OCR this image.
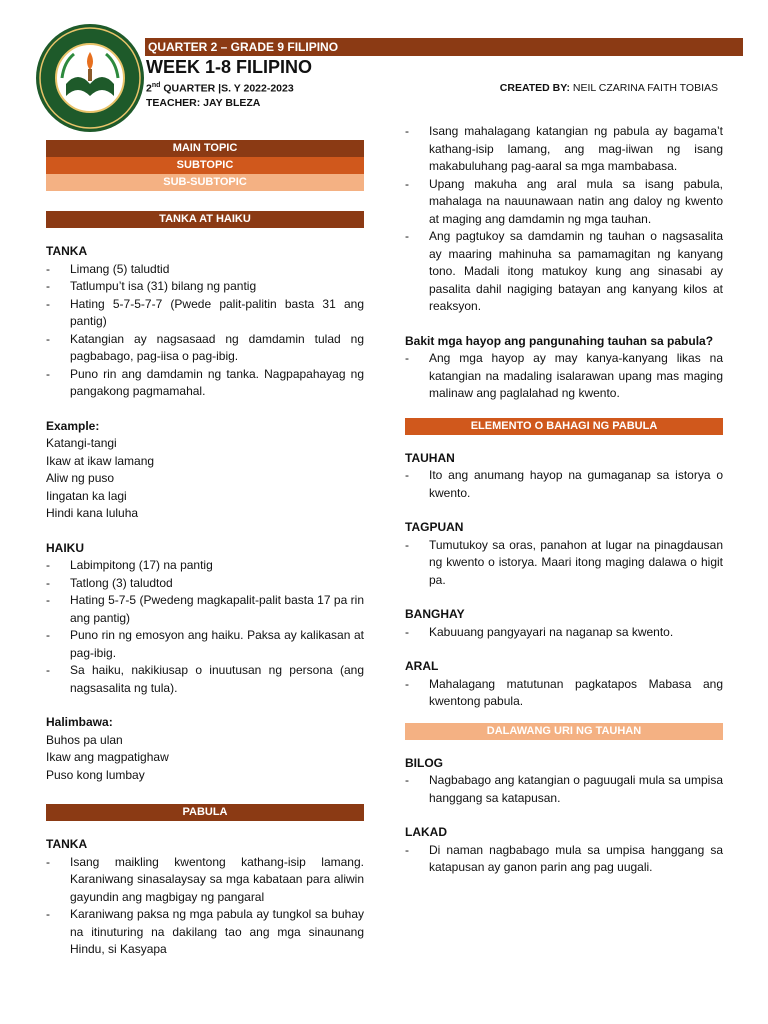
QUARTER 2 – GRADE 9 FILIPINO
WEEK 1-8 FILIPINO
2nd QUARTER |S. Y 2022-2023
TEACHER: JAY BLEZA
CREATED BY: NEIL CZARINA FAITH TOBIAS
MAIN TOPIC
SUBTOPIC
SUB-SUBTOPIC
TANKA AT HAIKU

TANKA

- Limang (5) taludtid
- Tatlumpu’t isa (31) bilang ng pantig
- Hating 5-7-5-7-7 (Pwede palit-palitin basta 31 ang pantig)
- Katangian ay nagsasaad ng damdamin tulad ng pagbabago, pag-iisa o pag-ibig.
- Puno rin ang damdamin ng tanka. Nagpapahayag ng pangakong pagmamahal.

Example:

Katangi-tangi

Ikaw at ikaw lamang

Aliw ng puso

Iingatan ka lagi

Hindi kana luluha

HAIKU

- Labimpitong (17) na pantig
- Tatlong (3) taludtod
- Hating 5-7-5 (Pwedeng magkapalit-palit basta 17 pa rin ang pantig)
- Puno rin ng emosyon ang haiku. Paksa ay kalikasan at pag-ibig.
- Sa haiku, nakikiusap o inuutusan ng persona (ang nagsasalita ng tula).

Halimbawa:

Buhos pa ulan

Ikaw ang magpatighaw

Puso kong lumbay

PABULA

TANKA

- Isang maikling kwentong kathang-isip lamang. Karaniwang sinasalaysay sa mga kabataan para aliwin gayundin ang magbigay ng pangaral
- Karaniwang paksa ng mga pabula ay tungkol sa buhay na itinuturing na dakilang tao ang mga sinaunang Hindu, si Kasyapa
- Isang mahalagang katangian ng pabula ay bagama’t kathang-isip lamang, ang mag-iiwan ng isang makabuluhang pag-aaral sa mga mambabasa.
- Upang makuha ang aral mula sa isang pabula, mahalaga na nauunawaan natin ang daloy ng kwento at maging ang damdamin ng mga tauhan.
- Ang pagtukoy sa damdamin ng tauhan o nagsasalita ay maaring mahinuha sa pamamagitan ng kanyang tono. Madali itong matukoy kung ang sinasabi ay pasalita dahil nagiging batayan ang kanyang kilos at reaksyon.

Bakit mga hayop ang pangunahing tauhan sa pabula?

- Ang mga hayop ay may kanya-kanyang likas na katangian na madaling isalarawan upang mas maging malinaw ang paglalahad ng kwento.
ELEMENTO O BAHAGI NG PABULA

TAUHAN

- Ito ang anumang hayop na gumaganap sa istorya o kwento.

TAGPUAN

- Tumutukoy sa oras, panahon at lugar na pinagdausan ng kwento o istorya. Maari itong maging dalawa o higit pa.

BANGHAY

- Kabuuang pangyayari na naganap sa kwento.

ARAL

- Mahalagang matutunan pagkatapos Mabasa ang kwentong pabula.
DALAWANG URI NG TAUHAN

BILOG

- Nagbabago ang katangian o paguugali mula sa umpisa hanggang sa katapusan.

LAKAD

- Di naman nagbabago mula sa umpisa hanggang sa katapusan ay ganon parin ang pag uugali.
